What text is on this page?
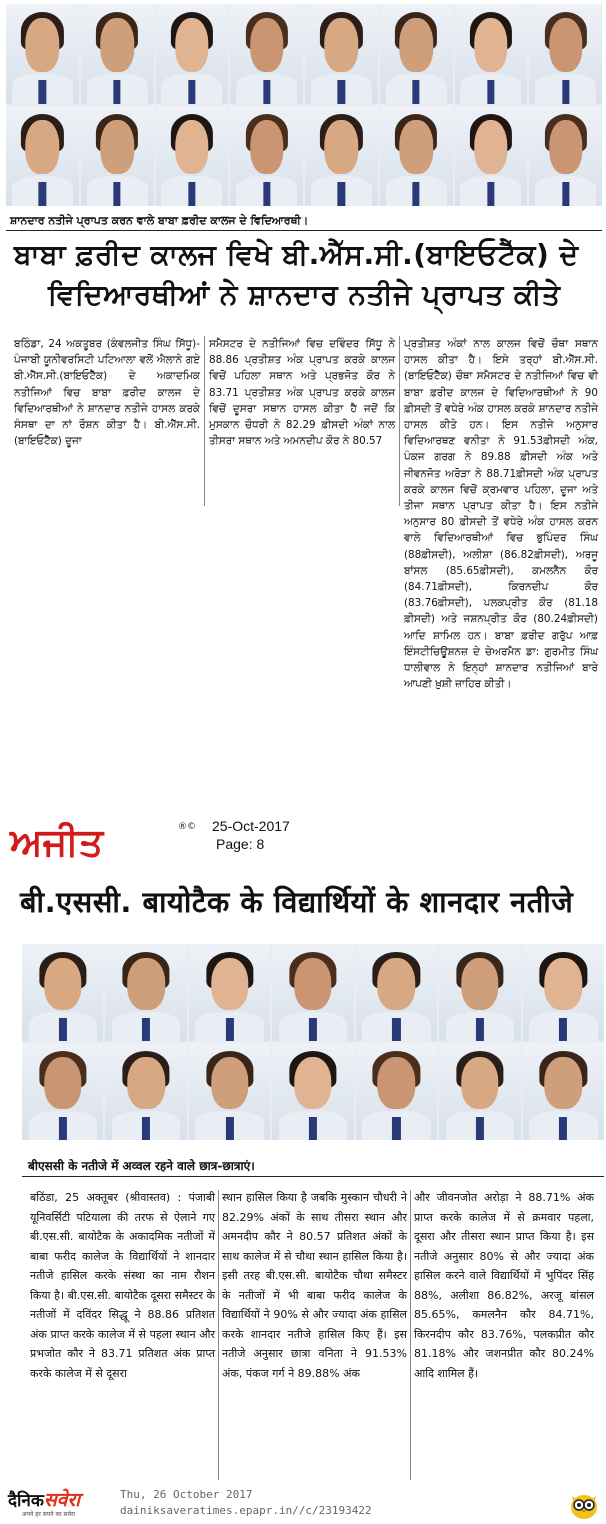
ਸ਼ਾਨਦਾਰ ਨਤੀਜੇ ਪ੍ਰਾਪਤ ਕਰਨ ਵਾਲੇ ਬਾਬਾ ਫ਼ਰੀਦ ਕਾਲਜ ਦੇ ਵਿਦਿਆਰਥੀ।
ਬਾਬਾ ਫ਼ਰੀਦ ਕਾਲਜ ਵਿਖੇ ਬੀ.ਐੱਸ.ਸੀ.(ਬਾਇਓਟੈੱਕ) ਦੇ
ਵਿਦਿਆਰਥੀਆਂ ਨੇ ਸ਼ਾਨਦਾਰ ਨਤੀਜੇ ਪ੍ਰਾਪਤ ਕੀਤੇ
ਬਠਿੰਡਾ, 24 ਅਕਤੂਬਰ (ਕੰਵਲਜੀਤ ਸਿੰਘ ਸਿੱਧੂ)-ਪੰਜਾਬੀ ਯੂਨੀਵਰਸਿਟੀ ਪਟਿਆਲਾ ਵਲੋਂ ਐਲਾਨੇ ਗਏ ਬੀ.ਐੱਸ.ਸੀ.(ਬਾਇਓਟੈੱਕ) ਦੇ ਅਕਾਦਮਿਕ ਨਤੀਜਿਆਂ ਵਿਚ ਬਾਬਾ ਫ਼ਰੀਦ ਕਾਲਜ ਦੇ ਵਿਦਿਆਰਥੀਆਂ ਨੇ ਸ਼ਾਨਦਾਰ ਨਤੀਜੇ ਹਾਸਲ ਕਰਕੇ ਸੰਸਥਾ ਦਾ ਨਾਂ ਰੌਸ਼ਨ ਕੀਤਾ ਹੈ। ਬੀ.ਐੱਸ.ਸੀ.(ਬਾਇਓਟੈੱਕ) ਦੂਜਾ
ਸਮੈਸਟਰ ਦੇ ਨਤੀਜਿਆਂ ਵਿਚ ਦਵਿੰਦਰ ਸਿੱਧੂ ਨੇ 88.86 ਪ੍ਰਤੀਸ਼ਤ ਅੰਕ ਪ੍ਰਾਪਤ ਕਰਕੇ ਕਾਲਜ ਵਿਚੋਂ ਪਹਿਲਾ ਸਥਾਨ ਅਤੇ ਪ੍ਰਭਜੋਤ ਕੌਰ ਨੇ 83.71 ਪ੍ਰਤੀਸ਼ਤ ਅੰਕ ਪ੍ਰਾਪਤ ਕਰਕੇ ਕਾਲਜ ਵਿਚੋਂ ਦੂਸਰਾ ਸਥਾਨ ਹਾਸਲ ਕੀਤਾ ਹੈ ਜਦੋਂ ਕਿ ਮੁਸਕਾਨ ਚੌਧਰੀ ਨੇ 82.29 ਫ਼ੀਸਦੀ ਅੰਕਾਂ ਨਾਲ ਤੀਸਰਾ ਸਥਾਨ ਅਤੇ ਅਮਨਦੀਪ ਕੌਰ ਨੇ 80.57
ਪ੍ਰਤੀਸ਼ਤ ਅੰਕਾਂ ਨਾਲ ਕਾਲਜ ਵਿਚੋਂ ਚੌਥਾ ਸਥਾਨ ਹਾਸਲ ਕੀਤਾ ਹੈ। ਇਸੇ ਤਰ੍ਹਾਂ ਬੀ.ਐੱਸ.ਸੀ.(ਬਾਇਓਟੈੱਕ) ਚੌਥਾ ਸਮੈਸਟਰ ਦੇ ਨਤੀਜਿਆਂ ਵਿਚ ਵੀ ਬਾਬਾ ਫ਼ਰੀਦ ਕਾਲਜ ਦੇ ਵਿਦਿਆਰਥੀਆਂ ਨੇ 90 ਫ਼ੀਸਦੀ ਤੋਂ ਵਧੇਰੇ ਅੰਕ ਹਾਸਲ ਕਰਕੇ ਸ਼ਾਨਦਾਰ ਨਤੀਜੇ ਹਾਸਲ ਕੀਤੇ ਹਨ। ਇਸ ਨਤੀਜੇ ਅਨੁਸਾਰ ਵਿਦਿਆਰਥਣ ਵਨੀਤਾ ਨੇ 91.53ਫ਼ੀਸਦੀ ਅੰਕ, ਪੰਕਜ ਗਰਗ ਨੇ 89.88 ਫ਼ੀਸਦੀ ਅੰਕ ਅਤੇ ਜੀਵਨਜੋਤ ਅਰੋੜਾ ਨੇ 88.71ਫ਼ੀਸਦੀ ਅੰਕ ਪ੍ਰਾਪਤ ਕਰਕੇ ਕਾਲਜ ਵਿਚੋਂ ਕ੍ਰਮਵਾਰ ਪਹਿਲਾ, ਦੂਜਾ ਅਤੇ ਤੀਜਾ ਸਥਾਨ ਪ੍ਰਾਪਤ ਕੀਤਾ ਹੈ। ਇਸ ਨਤੀਜੇ ਅਨੁਸਾਰ 80 ਫ਼ੀਸਦੀ ਤੋਂ ਵਧੇਰੇ ਅੰਕ ਹਾਸਲ ਕਰਨ ਵਾਲੇ ਵਿਦਿਆਰਥੀਆਂ ਵਿਚ ਭੁਪਿੰਦਰ ਸਿੰਘ (88ਫ਼ੀਸਦੀ), ਅਲੀਸ਼ਾ (86.82ਫ਼ੀਸਦੀ), ਅਰਜੂ ਬਾਂਸਲ (85.65ਫ਼ੀਸਦੀ), ਕਮਲਨੈਨ ਕੌਰ (84.71ਫ਼ੀਸਦੀ), ਕਿਰਨਦੀਪ ਕੌਰ (83.76ਫ਼ੀਸਦੀ), ਪਲਕਪ੍ਰੀਤ ਕੌਰ (81.18 ਫ਼ੀਸਦੀ) ਅਤੇ ਜਸ਼ਨਪ੍ਰੀਤ ਕੌਰ (80.24ਫ਼ੀਸਦੀ) ਆਦਿ ਸ਼ਾਮਿਲ ਹਨ। ਬਾਬਾ ਫ਼ਰੀਦ ਗਰੁੱਪ ਆਫ਼ ਇੰਸਟੀਚਿਊਸ਼ਨਜ਼ ਦੇ ਚੇਅਰਮੈਨ ਡਾ: ਗੁਰਮੀਤ ਸਿੰਘ ਧਾਲੀਵਾਲ ਨੇ ਇਨ੍ਹਾਂ ਸ਼ਾਨਦਾਰ ਨਤੀਜਿਆਂ ਬਾਰੇ ਆਪਣੀ ਖ਼ੁਸ਼ੀ ਜ਼ਾਹਿਰ ਕੀਤੀ।
ਅਜੀਤ	®© 25-Oct-2017
Page: 8
बी.एससी. बायोटैक के विद्यार्थियों के शानदार नतीजे
बीएससी के नतीजे में अव्वल रहने वाले छात्र-छात्राएं।
बठिंडा, 25 अक्तूबर (श्रीवास्तव) : पंजाबी यूनिवर्सिटी पटियाला की तरफ से ऐलाने गए बी.एस.सी. बायोटैक के अकादमिक नतीजों में बाबा फरीद कालेज के विद्यार्थियों ने शानदार नतीजे हासिल करके संस्था का नाम रौशन किया है। बी.एस.सी. बायोटैक दूसरा समैस्टर के नतीजों में दविंदर सिद्धू ने 88.86 प्रतिशत अंक प्राप्त करके कालेज में से पहला स्थान और प्रभजोत कौर ने 83.71 प्रतिशत अंक प्राप्त करके कालेज में से दूसरा
स्थान हासिल किया है जबकि मुस्कान चौधरी ने 82.29% अंकों के साथ तीसरा स्थान और अमनदीप कौर ने 80.57 प्रतिशत अंकों के साथ कालेज में से चौथा स्थान हासिल किया है। इसी तरह बी.एस.सी. बायोटैक चौथा समैस्टर के नतीजों में भी बाबा फरीद कालेज के विद्यार्थियों ने 90% से और ज्यादा अंक हासिल करके शानदार नतीजे हासिल किए हैं। इस नतीजे अनुसार छात्रा वनिता ने 91.53% अंक, पंकज गर्ग ने 89.88% अंक
और जीवनजोत अरोड़ा ने 88.71% अंक प्राप्त करके कालेज में से क्रमवार पहला, दूसरा और तीसरा स्थान प्राप्त किया है। इस नतीजे अनुसार 80% से और ज्यादा अंक हासिल करने वाले विद्यार्थियों में भुपिंदर सिंह 88%, अलीशा 86.82%, अरजू बांसल 85.65%, कमलनैन कौर 84.71%, किरनदीप कौर 83.76%, पलकप्रीत कौर 81.18% और जशनप्रीत कौर 80.24% आदि शामिल हैं।
दैनिकसवेरा
अपने हर सपने का सवेरा
Thu, 26 October 2017
dainiksaveratimes.epapr.in//c/23193422
